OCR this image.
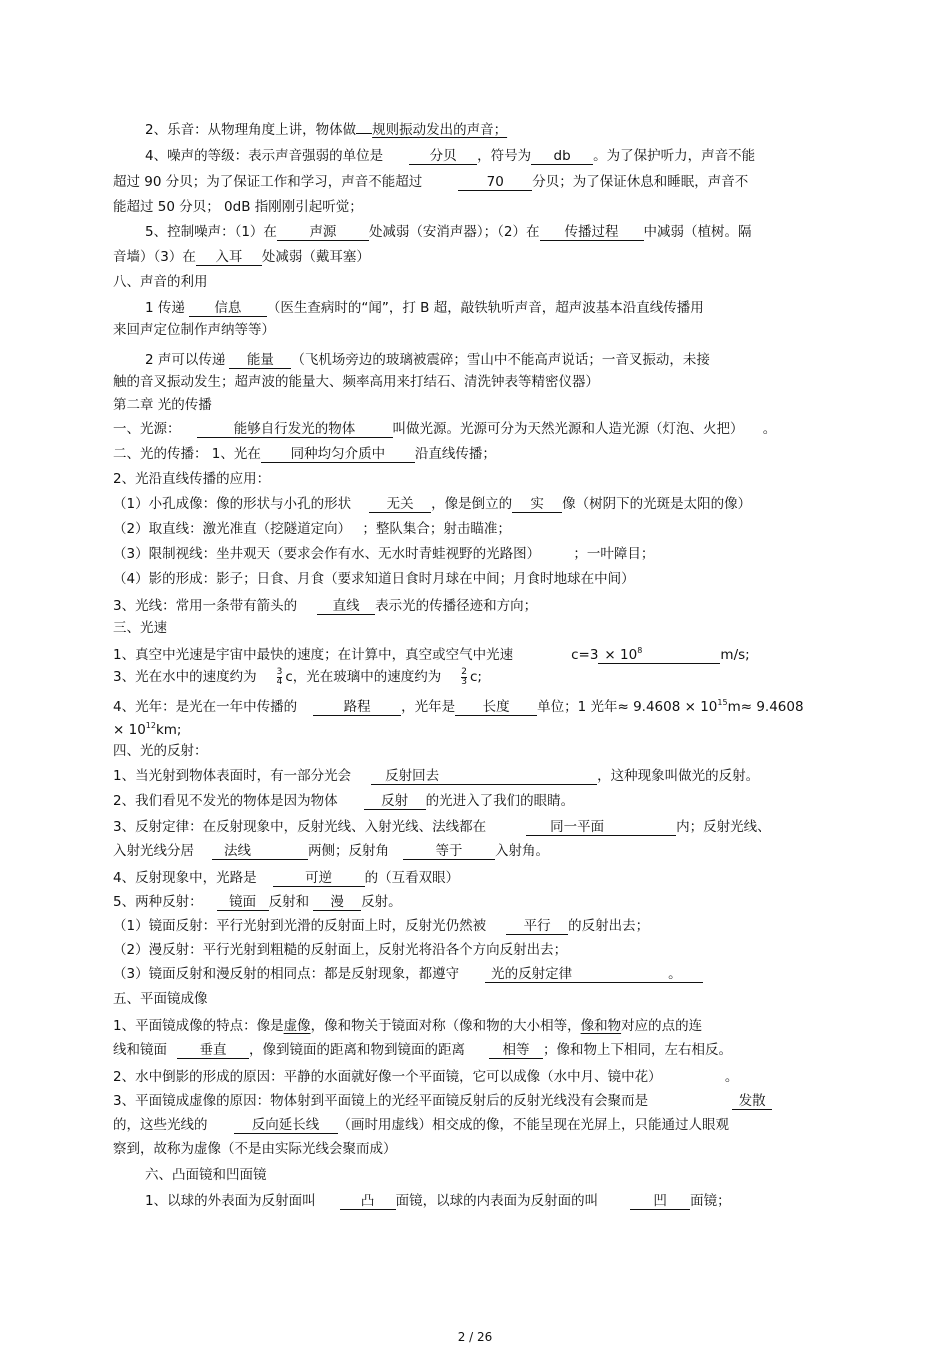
2、乐音：从物理角度上讲，物体做 规则振动发出的声音；
4、噪声的等级：表示声音强弱的单位是	分贝 ，符号为 db 。为了保护听力，声音不能
超过 90 分贝；为了保证工作和学习，声音不能超过	70 分贝；为了保证休息和睡眠，声音不
能超过 50 分贝； 0dB 指刚刚引起听觉；
5、控制噪声：（1）在 声源 处减弱（安消声器）；（2）在 传播过程 中减弱（植树。隔
音墙）（3）在 入耳 处减弱（戴耳塞）
八、声音的利用
1 传递 信息 （医生查病时的“闻”，打 B 超，敲铁轨听声音，超声波基本沿直线传播用
来回声定位制作声纳等等）
2 声可以传递 能量 （飞机场旁边的玻璃被震碎；雪山中不能高声说话；一音叉振动，未接
触的音叉振动发生；超声波的能量大、频率高用来打结石、清洗钟表等精密仪器）
第二章 光的传播
一、光源：	能够自行发光的物体	叫做光源。光源可分为天然光源和人造光源（灯泡、火把） 。
二、光的传播： 1、光在 同种均匀介质中 沿直线传播；
2、光沿直线传播的应用：
（1）小孔成像：像的形状与小孔的形状	无关 ，像是倒立的 实 像（树阴下的光斑是太阳的像）
（2）取直线：激光准直（挖隧道定向） ；整队集合；射击瞄准；
（3）限制视线：坐井观天（要求会作有水、无水时青蛙视野的光路图）	；一叶障目；
（4）影的形成：影子；日食、月食（要求知道日食时月球在中间；月食时地球在中间）
3、光线：常用一条带有箭头的	直线 表示光的传播径迹和方向；
三、光速
1、真空中光速是宇宙中最快的速度；在计算中，真空或空气中光速	$c=3 \times 10^8$	m/s;
3、光在水中的速度约为 $\frac{3}{4}$ c，光在玻璃中的速度约为 $\frac{2}{3} c$;
4、光年：是光在一年中传播的	路程 ，光年是 长度 单位；1 光年≈ $9.4608 \times 10^{15}m\approx 9.4608$
× $10^{12}km$;
四、光的反射：
1、当光射到物体表面时，有一部分光会	反射回去	，这种现象叫做光的反射。
2、我们看见不发光的物体是因为物体	反射 的光进入了我们的眼睛。
3、反射定律：在反射现象中，反射光线、入射光线、法线都在	同一平面	内；反射光线、
入射光线分居 法线	两侧；反射角	等于 入射角。
4、反射现象中，光路是	可逆 的（互看双眼）
5、两种反射： 镜面 反射和 漫 反射。
（1）镜面反射：平行光射到光滑的反射面上时，反射光仍然被	平行 的反射出去；
（2）漫反射：平行光射到粗糙的反射面上，反射光将沿各个方向反射出去；
（3）镜面反射和漫反射的相同点：都是反射现象，都遵守 光的反射定律	。
五、平面镜成像
1、平面镜成像的特点：像是虚像，像和物关于镜面对称（像和物的大小相等，像和物对应的点的连
线和镜面 垂直 ，像到镜面的距离和物到镜面的距离	相等 ；像和物上下相同，左右相反。
2、水中倒影的形成的原因：平静的水面就好像一个平面镜，它可以成像（水中月、镜中花）	。
3、平面镜成虚像的原因：物体射到平面镜上的光经平面镜反射后的反射光线没有会聚而是	发散
的，这些光线的	反向延长线 （画时用虚线）相交成的像，不能呈现在光屏上，只能通过人眼观
察到，故称为虚像（不是由实际光线会聚而成）
六、凸面镜和凹面镜
1、以球的外表面为反射面叫	凸 面镜，以球的内表面为反射面的叫	凹 面镜；
2 / 26
